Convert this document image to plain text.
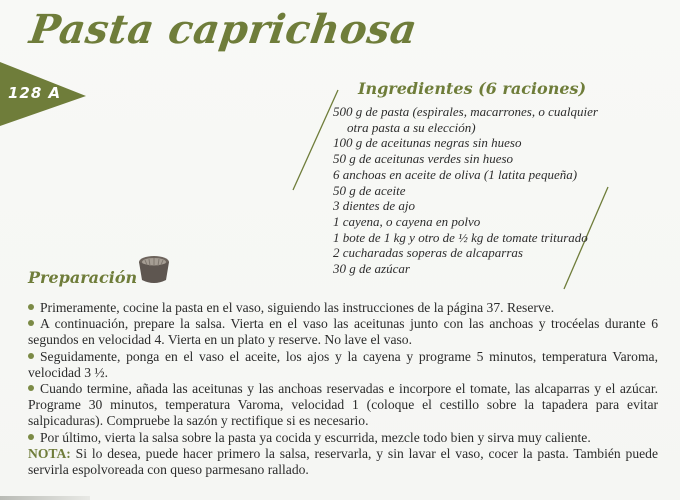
Pasta caprichosa
128 A	Ingredientes (6 raciones)
500 g de pasta (espirales, macarrones, o cualquier
otra pasta a su elección)
100 g de aceitunas negras sin hueso
50 g de aceitunas verdes sin hueso
6 anchoas en aceite de oliva (1 latita pequeña)
50 g de aceite
3 dientes de ajo
1 cayena, o cayena en polvo
1 bote de 1 kg y otro de ½ kg de tomate triturado
2 cucharadas soperas de alcaparras
30 g de azúcar
Preparación

Primeramente, cocine la pasta en el vaso, siguiendo las instrucciones de la página 37. Reserve.

A continuación, prepare la salsa. Vierta en el vaso las aceitunas junto con las anchoas y trocéelas durante 6 segundos en velocidad 4. Vierta en un plato y reserve. No lave el vaso.

Seguidamente, ponga en el vaso el aceite, los ajos y la cayena y programe 5 minutos, temperatura Varoma, velocidad 3 ½.

Cuando termine, añada las aceitunas y las anchoas reservadas e incorpore el tomate, las alcaparras y el azúcar. Programe 30 minutos, temperatura Varoma, velocidad 1 (coloque el cestillo sobre la tapadera para evitar salpicaduras). Compruebe la sazón y rectifique si es necesario.

Por último, vierta la salsa sobre la pasta ya cocida y escurrida, mezcle todo bien y sirva muy caliente.

NOTA: Si lo desea, puede hacer primero la salsa, reservarla, y sin lavar el vaso, cocer la pasta. También puede servirla espolvoreada con queso parmesano rallado.
